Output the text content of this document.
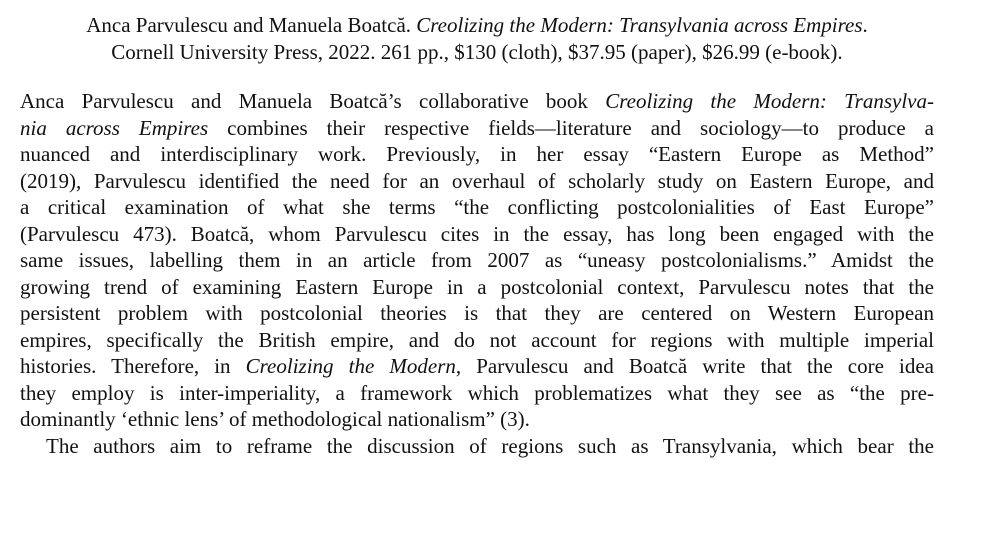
Anca Parvulescu and Manuela Boatcă. Creolizing the Modern: Transylvania across Empires.
Cornell University Press, 2022. 261 pp., $130 (cloth), $37.95 (paper), $26.99 (e-book).

Anca Parvulescu and Manuela Boatcă’s collaborative book Creolizing the Modern: Transylva-
nia across Empires combines their respective fields—literature and sociology—to produce a
nuanced and interdisciplinary work. Previously, in her essay “Eastern Europe as Method”
(2019), Parvulescu identified the need for an overhaul of scholarly study on Eastern Europe, and
a critical examination of what she terms “the conflicting postcolonialities of East Europe”
(Parvulescu 473). Boatcă, whom Parvulescu cites in the essay, has long been engaged with the
same issues, labelling them in an article from 2007 as “uneasy postcolonialisms.” Amidst the
growing trend of examining Eastern Europe in a postcolonial context, Parvulescu notes that the
persistent problem with postcolonial theories is that they are centered on Western European
empires, specifically the British empire, and do not account for regions with multiple imperial
histories. Therefore, in Creolizing the Modern, Parvulescu and Boatcă write that the core idea
they employ is inter-imperiality, a framework which problematizes what they see as “the pre-
dominantly ‘ethnic lens’ of methodological nationalism” (3).

The authors aim to reframe the discussion of regions such as Transylvania, which bear the
